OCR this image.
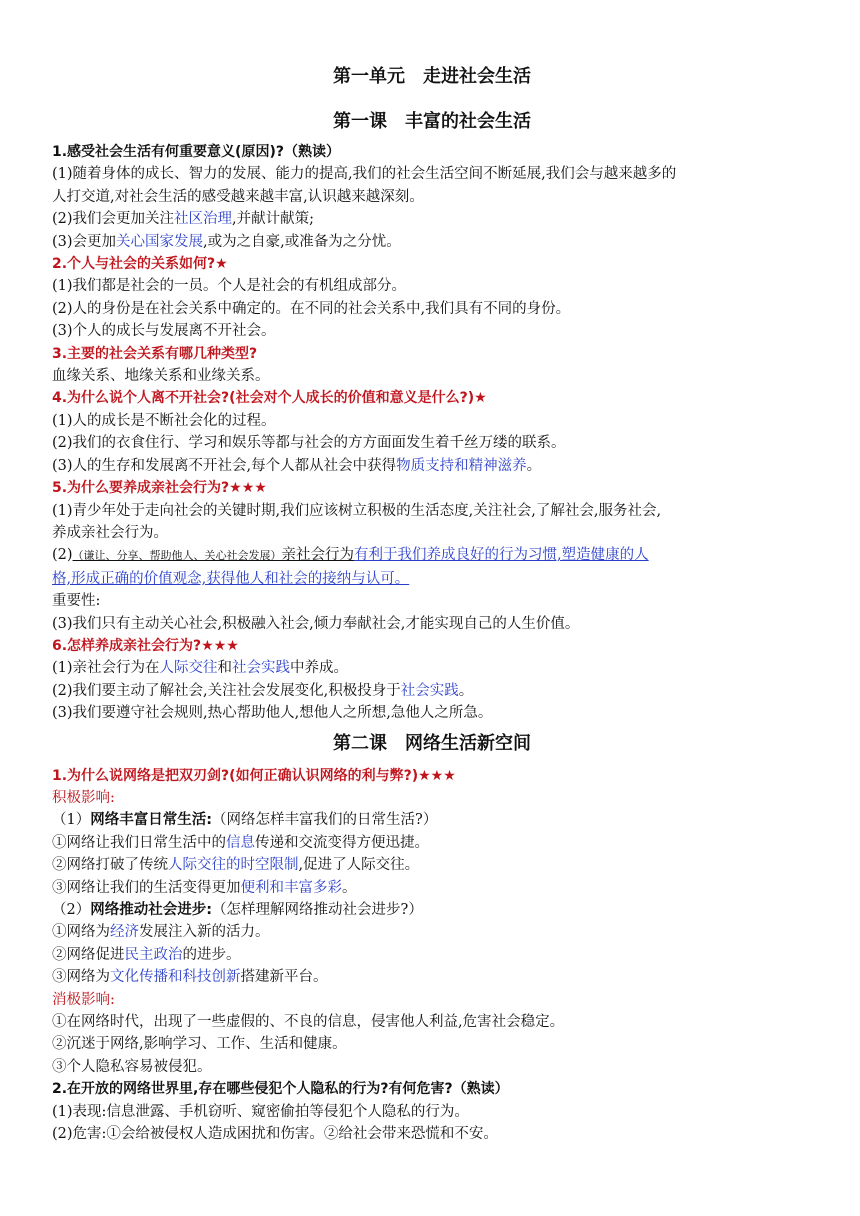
第一单元　走进社会生活
第一课　丰富的社会生活
1.感受社会生活有何重要意义(原因)?（熟读）
(1)随着身体的成长、智力的发展、能力的提高,我们的社会生活空间不断延展,我们会与越来越多的
人打交道,对社会生活的感受越来越丰富,认识越来越深刻。
(2)我们会更加关注社区治理,并献计献策;
(3)会更加关心国家发展,或为之自豪,或准备为之分忧。
2.个人与社会的关系如何?★
(1)我们都是社会的一员。个人是社会的有机组成部分。
(2)人的身份是在社会关系中确定的。在不同的社会关系中,我们具有不同的身份。
(3)个人的成长与发展离不开社会。
3.主要的社会关系有哪几种类型?
血缘关系、地缘关系和业缘关系。
4.为什么说个人离不开社会?(社会对个人成长的价值和意义是什么?)★
(1)人的成长是不断社会化的过程。
(2)我们的衣食住行、学习和娱乐等都与社会的方方面面发生着千丝万缕的联系。
(3)人的生存和发展离不开社会,每个人都从社会中获得物质支持和精神滋养。
5.为什么要养成亲社会行为?★★★
(1)青少年处于走向社会的关键时期,我们应该树立积极的生活态度,关注社会,了解社会,服务社会,
养成亲社会行为。
(2)（谦让、分享、帮助他人、关心社会发展）亲社会行为有利于我们养成良好的行为习惯,塑造健康的人
格,形成正确的价值观念,获得他人和社会的接纳与认可。
重要性:
(3)我们只有主动关心社会,积极融入社会,倾力奉献社会,才能实现自己的人生价值。
6.怎样养成亲社会行为?★★★
(1)亲社会行为在人际交往和社会实践中养成。
(2)我们要主动了解社会,关注社会发展变化,积极投身于社会实践。
(3)我们要遵守社会规则,热心帮助他人,想他人之所想,急他人之所急。
第二课　网络生活新空间
1.为什么说网络是把双刃剑?(如何正确认识网络的利与弊?)★★★
积极影响:
（1）网络丰富日常生活:（网络怎样丰富我们的日常生活?）
①网络让我们日常生活中的信息传递和交流变得方便迅捷。
②网络打破了传统人际交往的时空限制,促进了人际交往。
③网络让我们的生活变得更加便利和丰富多彩。
（2）网络推动社会进步:（怎样理解网络推动社会进步?）
①网络为经济发展注入新的活力。
②网络促进民主政治的进步。
③网络为文化传播和科技创新搭建新平台。
消极影响:
①在网络时代，出现了一些虚假的、不良的信息，侵害他人利益,危害社会稳定。
②沉迷于网络,影响学习、工作、生活和健康。
③个人隐私容易被侵犯。
2.在开放的网络世界里,存在哪些侵犯个人隐私的行为?有何危害?（熟读）
(1)表现:信息泄露、手机窃听、窥密偷拍等侵犯个人隐私的行为。
(2)危害:①会给被侵权人造成困扰和伤害。②给社会带来恐慌和不安。
